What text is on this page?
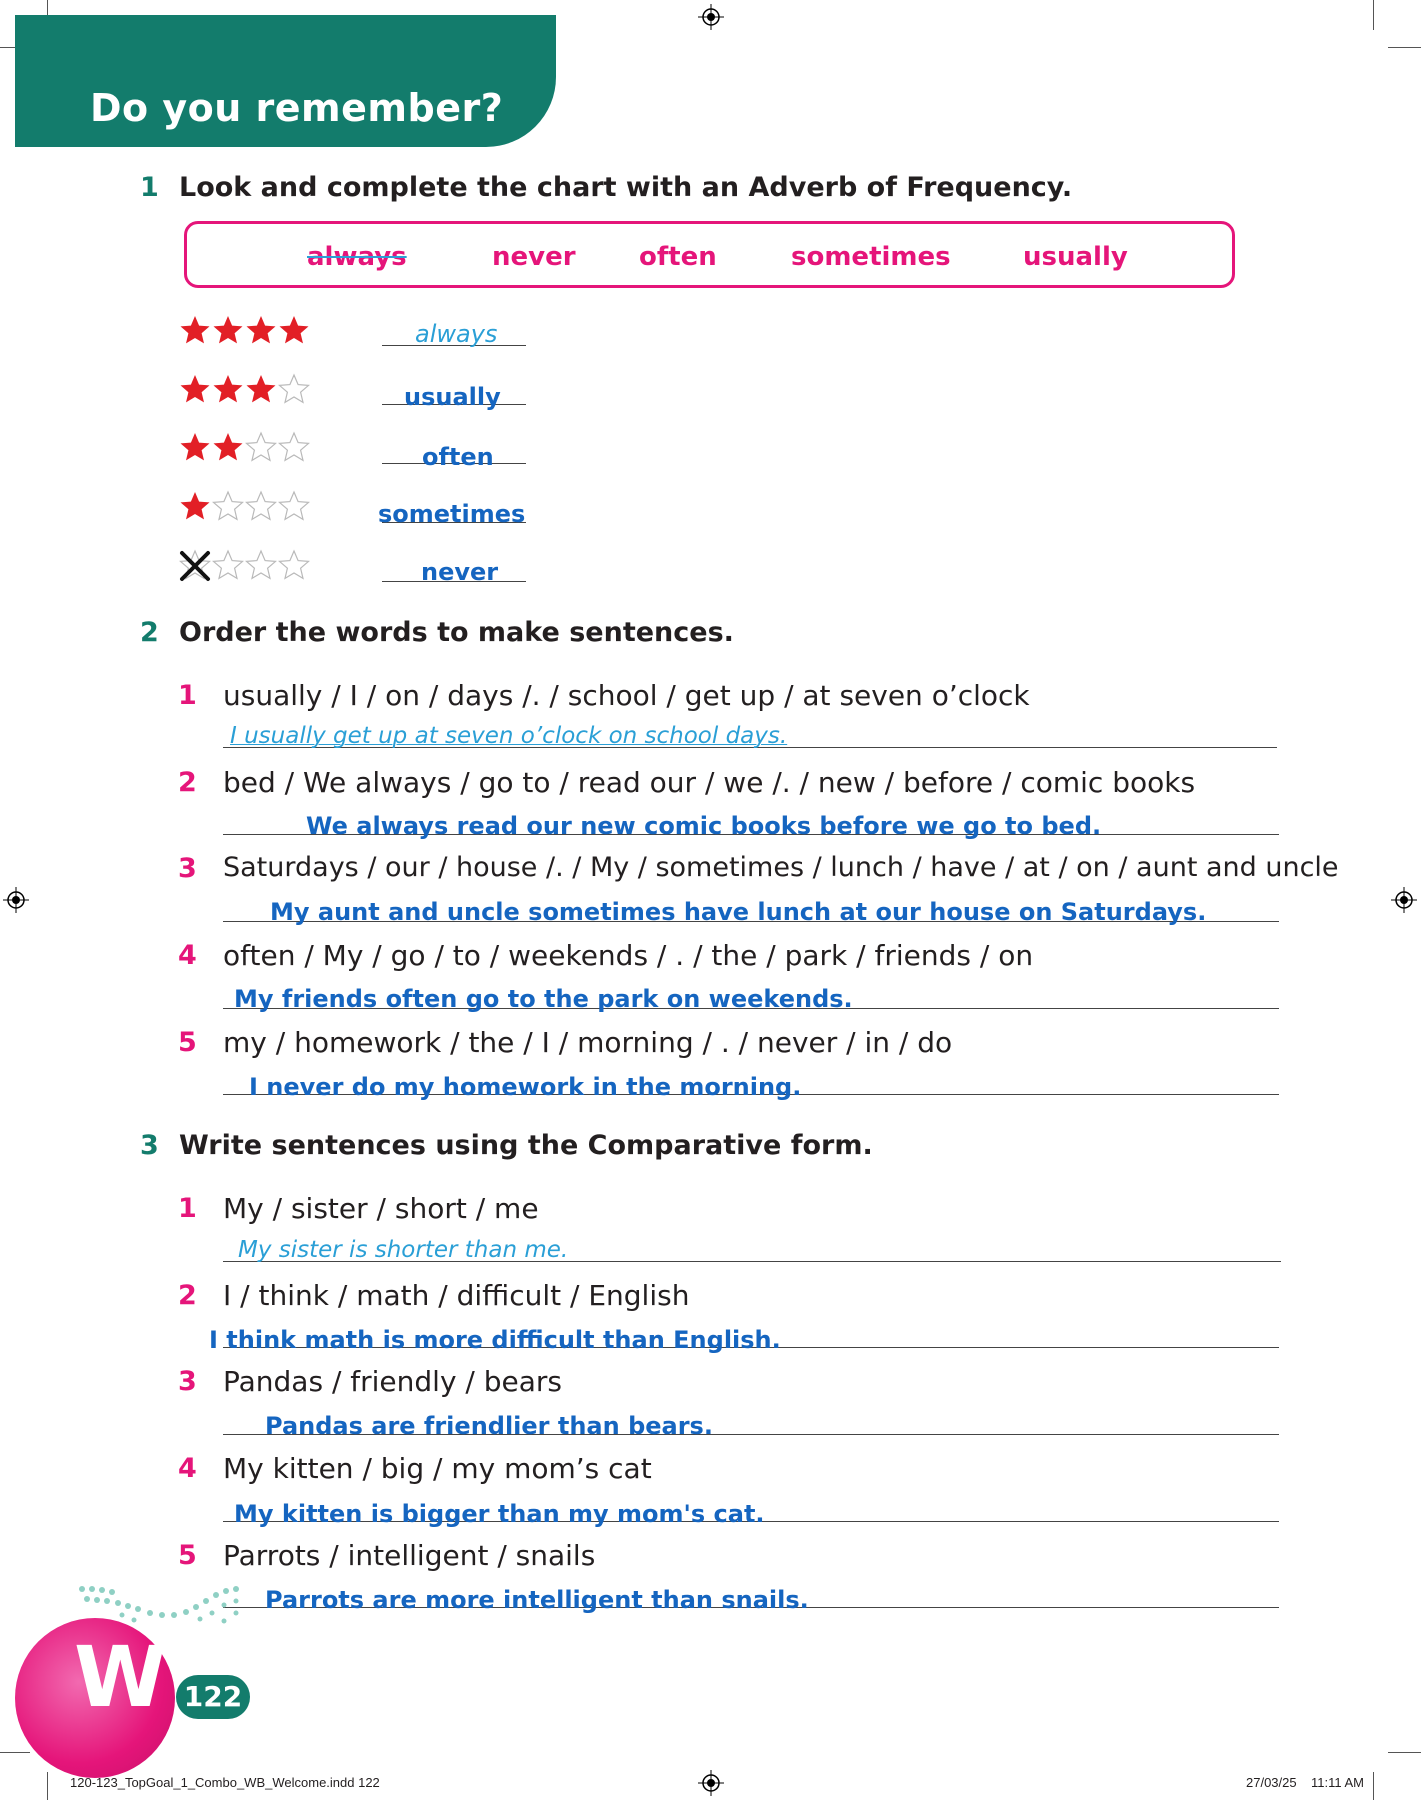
Do you remember?
1 Look and complete the chart with an Adverb of Frequency.
always	never often	sometimes	usually
always
usually
often
sometimes
never
2 Order the words to make sentences.
1 usually / I / on / days /. / school / get up / at seven o’clock
I usually get up at seven o’clock on school days.
2 bed / We always / go to / read our / we /. / new / before / comic books
We always read our new comic books before we go to bed.
3 Saturdays / our / house /. / My / sometimes / lunch / have / at / on / aunt and uncle
My aunt and uncle sometimes have lunch at our house on Saturdays.
4 often / My / go / to / weekends / . / the / park / friends / on
My friends often go to the park on weekends.
5 my / homework / the / I / morning / . / never / in / do
I never do my homework in the morning.
3 Write sentences using the Comparative form.
1 My / sister / short / me
My sister is shorter than me.
2 I / think / math / difficult / English
I think math is more difficult than English.
3 Pandas / friendly / bears
Pandas are friendlier than bears.
4 My kitten / big / my mom’s cat
My kitten is bigger than my mom's cat.
5 Parrots / intelligent / snails
Parrots are more intelligent than snails.
W 122
120-123_TopGoal_1_Combo_WB_Welcome.indd 122	27/03/25 11:11 AM
